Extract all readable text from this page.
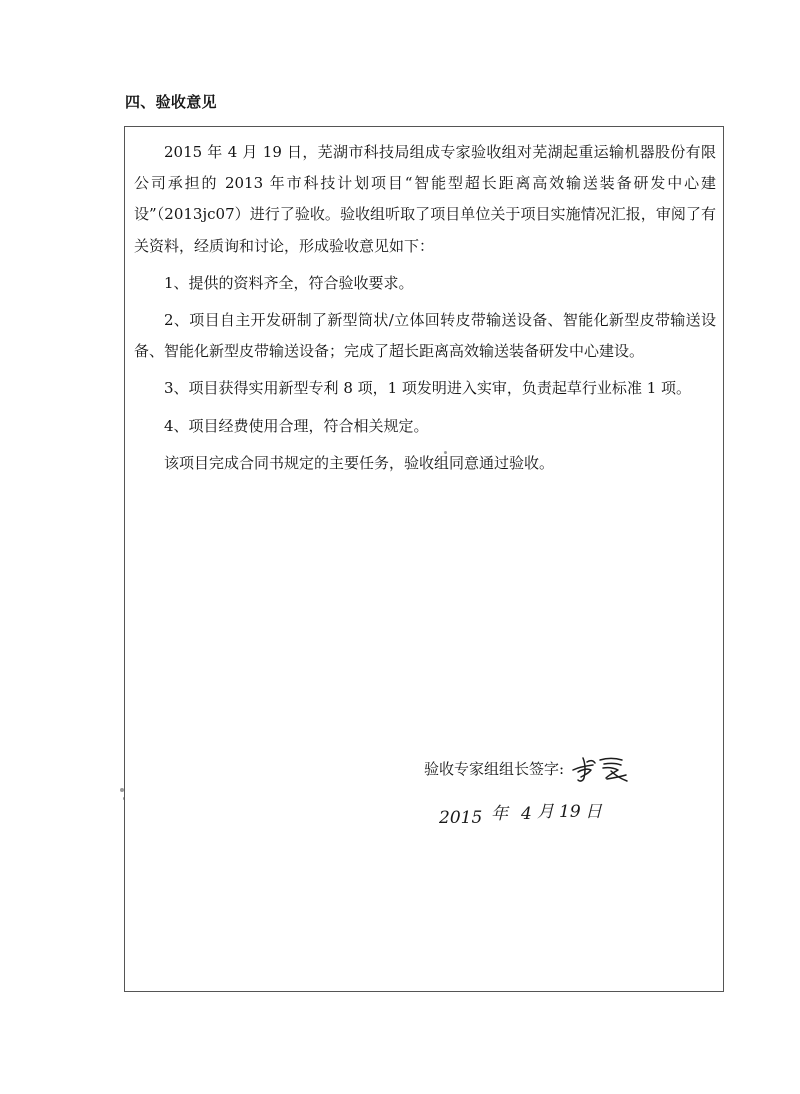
四、验收意见

2015 年 4 月 19 日，芜湖市科技局组成专家验收组对芜湖起重运输机器股份有限公司承担的 2013 年市科技计划项目“智能型超长距离高效输送装备研发中心建设”（2013jc07）进行了验收。验收组听取了项目单位关于项目实施情况汇报，审阅了有关资料，经质询和讨论，形成验收意见如下：

1、提供的资料齐全，符合验收要求。

2、项目自主开发研制了新型筒状/立体回转皮带输送设备、智能化新型皮带输送设备、智能化新型皮带输送设备；完成了超长距离高效输送装备研发中心建设。

3、项目获得实用新型专利 8 项，1 项发明进入实审，负责起草行业标准 1 项。

4、项目经费使用合理，符合相关规定。

该项目完成合同书规定的主要任务，验收组同意通过验收。

验收专家组组长签字:
2015 年 4 月 19 日
